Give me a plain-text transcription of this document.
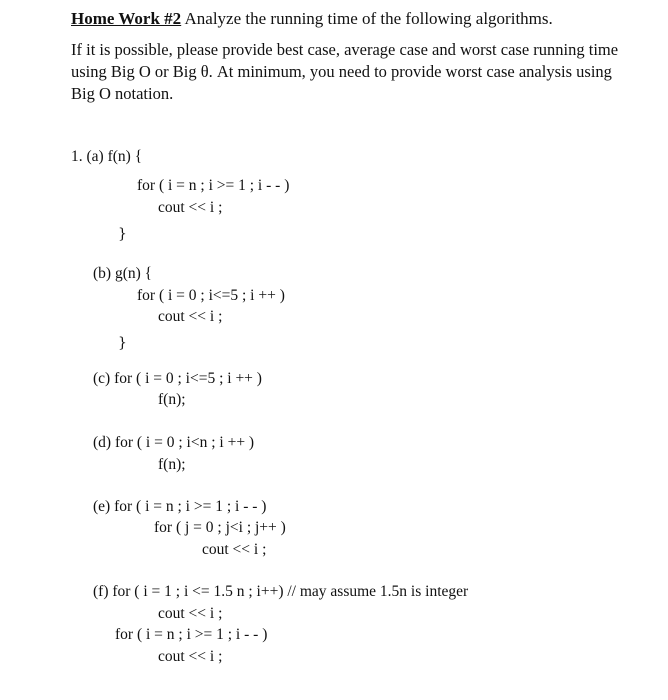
Home Work #2 Analyze the running time of the following algorithms.
If it is possible, please provide best case, average case and worst case running time
using Big O or Big θ. At minimum, you need to provide worst case analysis using
Big O notation.
1. (a) f(n) {
for ( i = n ; i >= 1 ; i - - )
cout << i ;
}
(b) g(n) {
for ( i = 0 ; i<=5 ; i ++ )
cout << i ;
}
(c) for ( i = 0 ; i<=5 ; i ++ )
f(n);
(d) for ( i = 0 ; i<n ; i ++ )
f(n);
(e) for ( i = n ; i >= 1 ; i - - )
for ( j = 0 ; j<i ; j++ )
cout << i ;
(f) for ( i = 1 ; i <= 1.5 n ; i++) // may assume 1.5n is integer
cout << i ;
for ( i = n ; i >= 1 ; i - - )
cout << i ;
